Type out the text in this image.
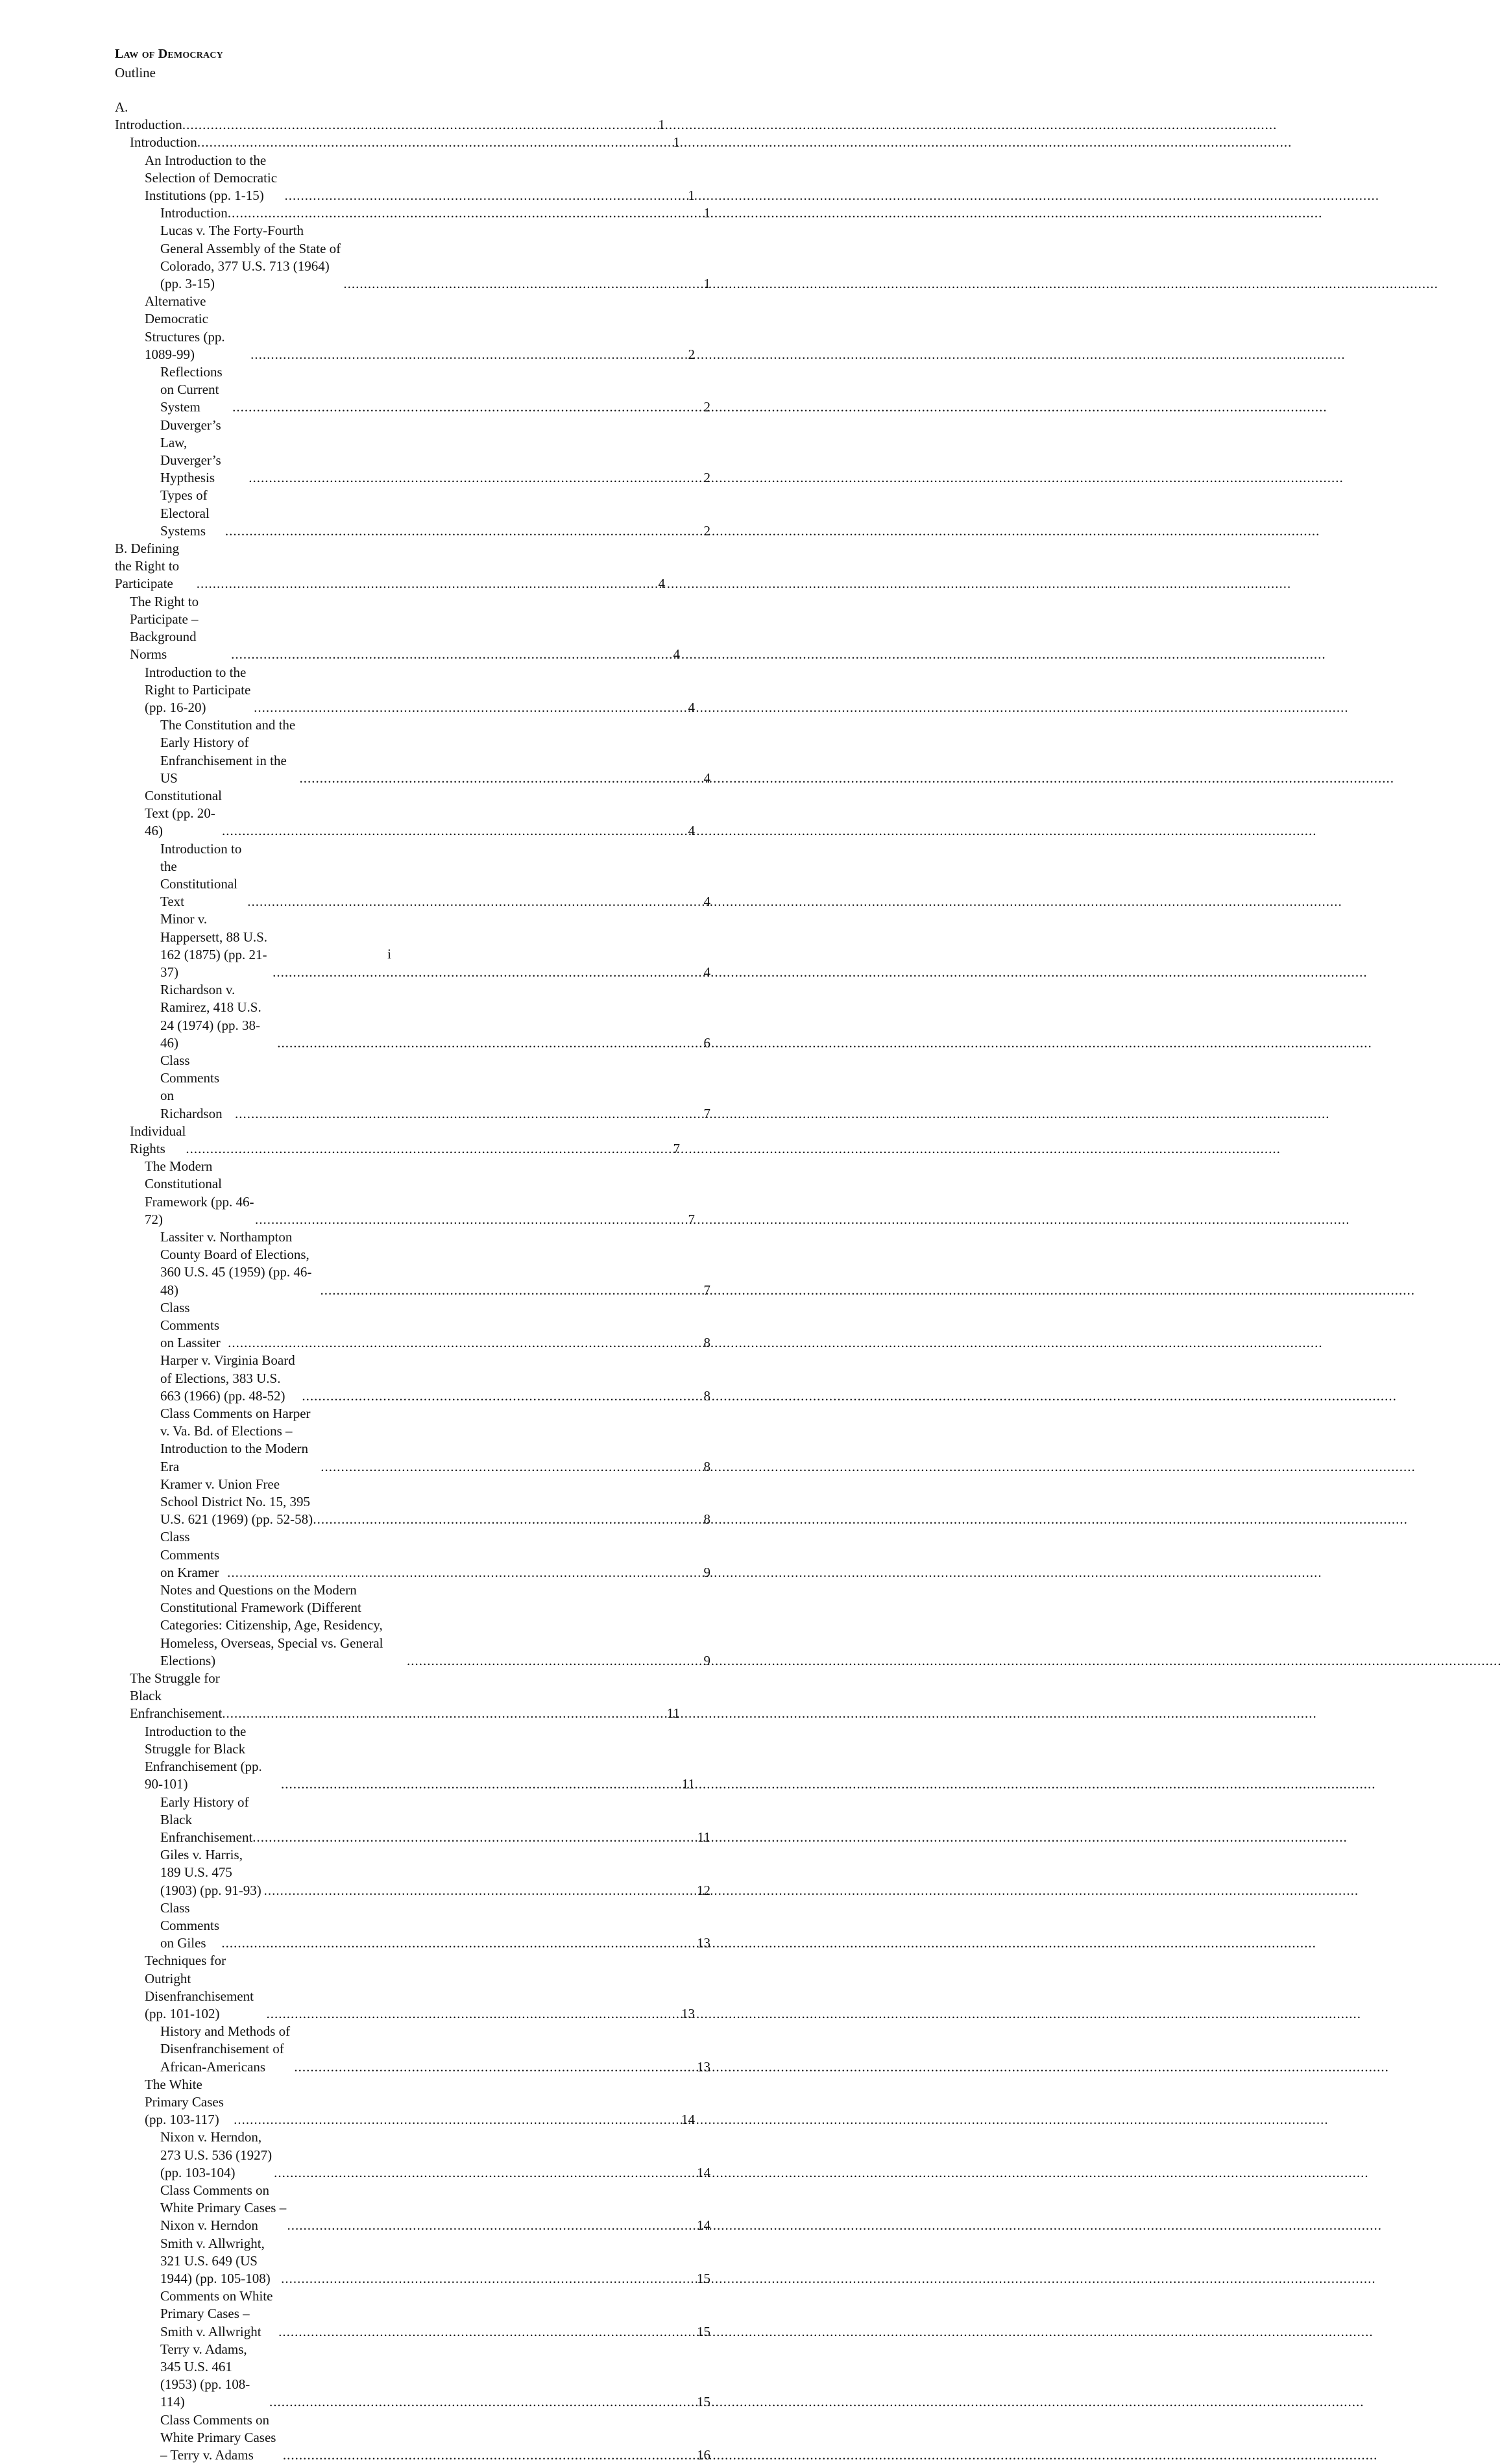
Law of Democracy
Outline
A. Introduction .....	1
Introduction .....	1
An Introduction to the Selection of Democratic Institutions (pp. 1-15) .....	1
Introduction .....	1
Lucas v. The Forty-Fourth General Assembly of the State of Colorado, 377 U.S. 713 (1964) (pp. 3-15) .....	1
Alternative Democratic Structures (pp. 1089-99) .....	2
Reflections on Current System .....	2
Duverger’s Law, Duverger’s Hypthesis .....	2
Types of Electoral Systems .....	2
B. Defining the Right to Participate .....	4
The Right to Participate – Background Norms .....	4
Introduction to the Right to Participate (pp. 16-20) .....	4
The Constitution and the Early History of Enfranchisement in the US .....	4
Constitutional Text (pp. 20-46) .....	4
Introduction to the Constitutional Text .....	4
Minor v. Happersett, 88 U.S. 162 (1875) (pp. 21-37) .....	4
Richardson v. Ramirez, 418 U.S. 24 (1974) (pp. 38-46) .....	6
Class Comments on Richardson .....	7
Individual Rights .....	7
The Modern Constitutional Framework (pp. 46-72) .....	7
Lassiter v. Northampton County Board of Elections, 360 U.S. 45 (1959) (pp. 46-48) .....	7
Class Comments on Lassiter .....	8
Harper v. Virginia Board of Elections, 383 U.S. 663 (1966) (pp. 48-52) .....	8
Class Comments on Harper v. Va. Bd. of Elections – Introduction to the Modern Era .....	8
Kramer v. Union Free School District No. 15, 395 U.S. 621 (1969) (pp. 52-58) .....	8
Class Comments on Kramer .....	9
Notes and Questions on the Modern Constitutional Framework (Different Categories: Citizenship, Age, Residency, Homeless, Overseas, Special vs. General Elections) .....	9
The Struggle for Black Enfranchisement .....	11
Introduction to the Struggle for Black Enfranchisement (pp. 90-101) .....	11
Early History of Black Enfranchisement .....	11
Giles v. Harris, 189 U.S. 475 (1903) (pp. 91-93) .....	12
Class Comments on Giles .....	13
Techniques for Outright Disenfranchisement (pp. 101-102) .....	13
History and Methods of Disenfranchisement of African-Americans .....	13
The White Primary Cases (pp. 103-117) .....	14
Nixon v. Herndon, 273 U.S. 536 (1927) (pp. 103-104) .....	14
Class Comments on White Primary Cases – Nixon v. Herndon .....	14
Smith v. Allwright, 321 U.S. 649 (US 1944) (pp. 105-108) .....	15
Comments on White Primary Cases – Smith v. Allwright .....	15
Terry v. Adams, 345 U.S. 461 (1953) (pp. 108-114) .....	15
Class Comments on White Primary Cases – Terry v. Adams .....	16
i
